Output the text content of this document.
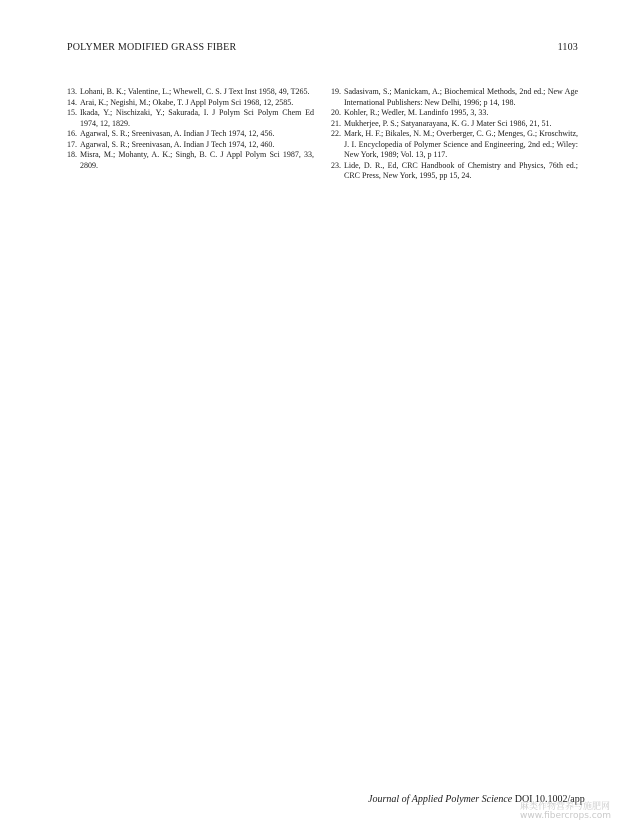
POLYMER MODIFIED GRASS FIBER	1103
13. Lohani, B. K.; Valentine, L.; Whewell, C. S. J Text Inst 1958, 49, T265.
14. Arai, K.; Negishi, M.; Okabe, T. J Appl Polym Sci 1968, 12, 2585.
15. Ikada, Y.; Nischizaki, Y.; Sakurada, I. J Polym Sci Polym Chem Ed 1974, 12, 1829.
16. Agarwal, S. R.; Sreenivasan, A. Indian J Tech 1974, 12, 456.
17. Agarwal, S. R.; Sreenivasan, A. Indian J Tech 1974, 12, 460.
18. Misra, M.; Mohanty, A. K.; Singh, B. C. J Appl Polym Sci 1987, 33, 2809.
19. Sadasivam, S.; Manickam, A.; Biochemical Methods, 2nd ed.; New Age International Publishers: New Delhi, 1996; p 14, 198.
20. Kohler, R.; Wedler, M. Landinfo 1995, 3, 33.
21. Mukherjee, P. S.; Satyanarayana, K. G. J Mater Sci 1986, 21, 51.
22. Mark, H. F.; Bikales, N. M.; Overberger, C. G.; Menges, G.; Kroschwitz, J. I. Encyclopedia of Polymer Science and Engineering, 2nd ed.; Wiley: New York, 1989; Vol. 13, p 117.
23. Lide, D. R., Ed, CRC Handbook of Chemistry and Physics, 76th ed.; CRC Press, New York, 1995, pp 15, 24.
Journal of Applied Polymer Science DOI 10.1002/app
麻类作物营养与施肥网
www.fibercrops.com
